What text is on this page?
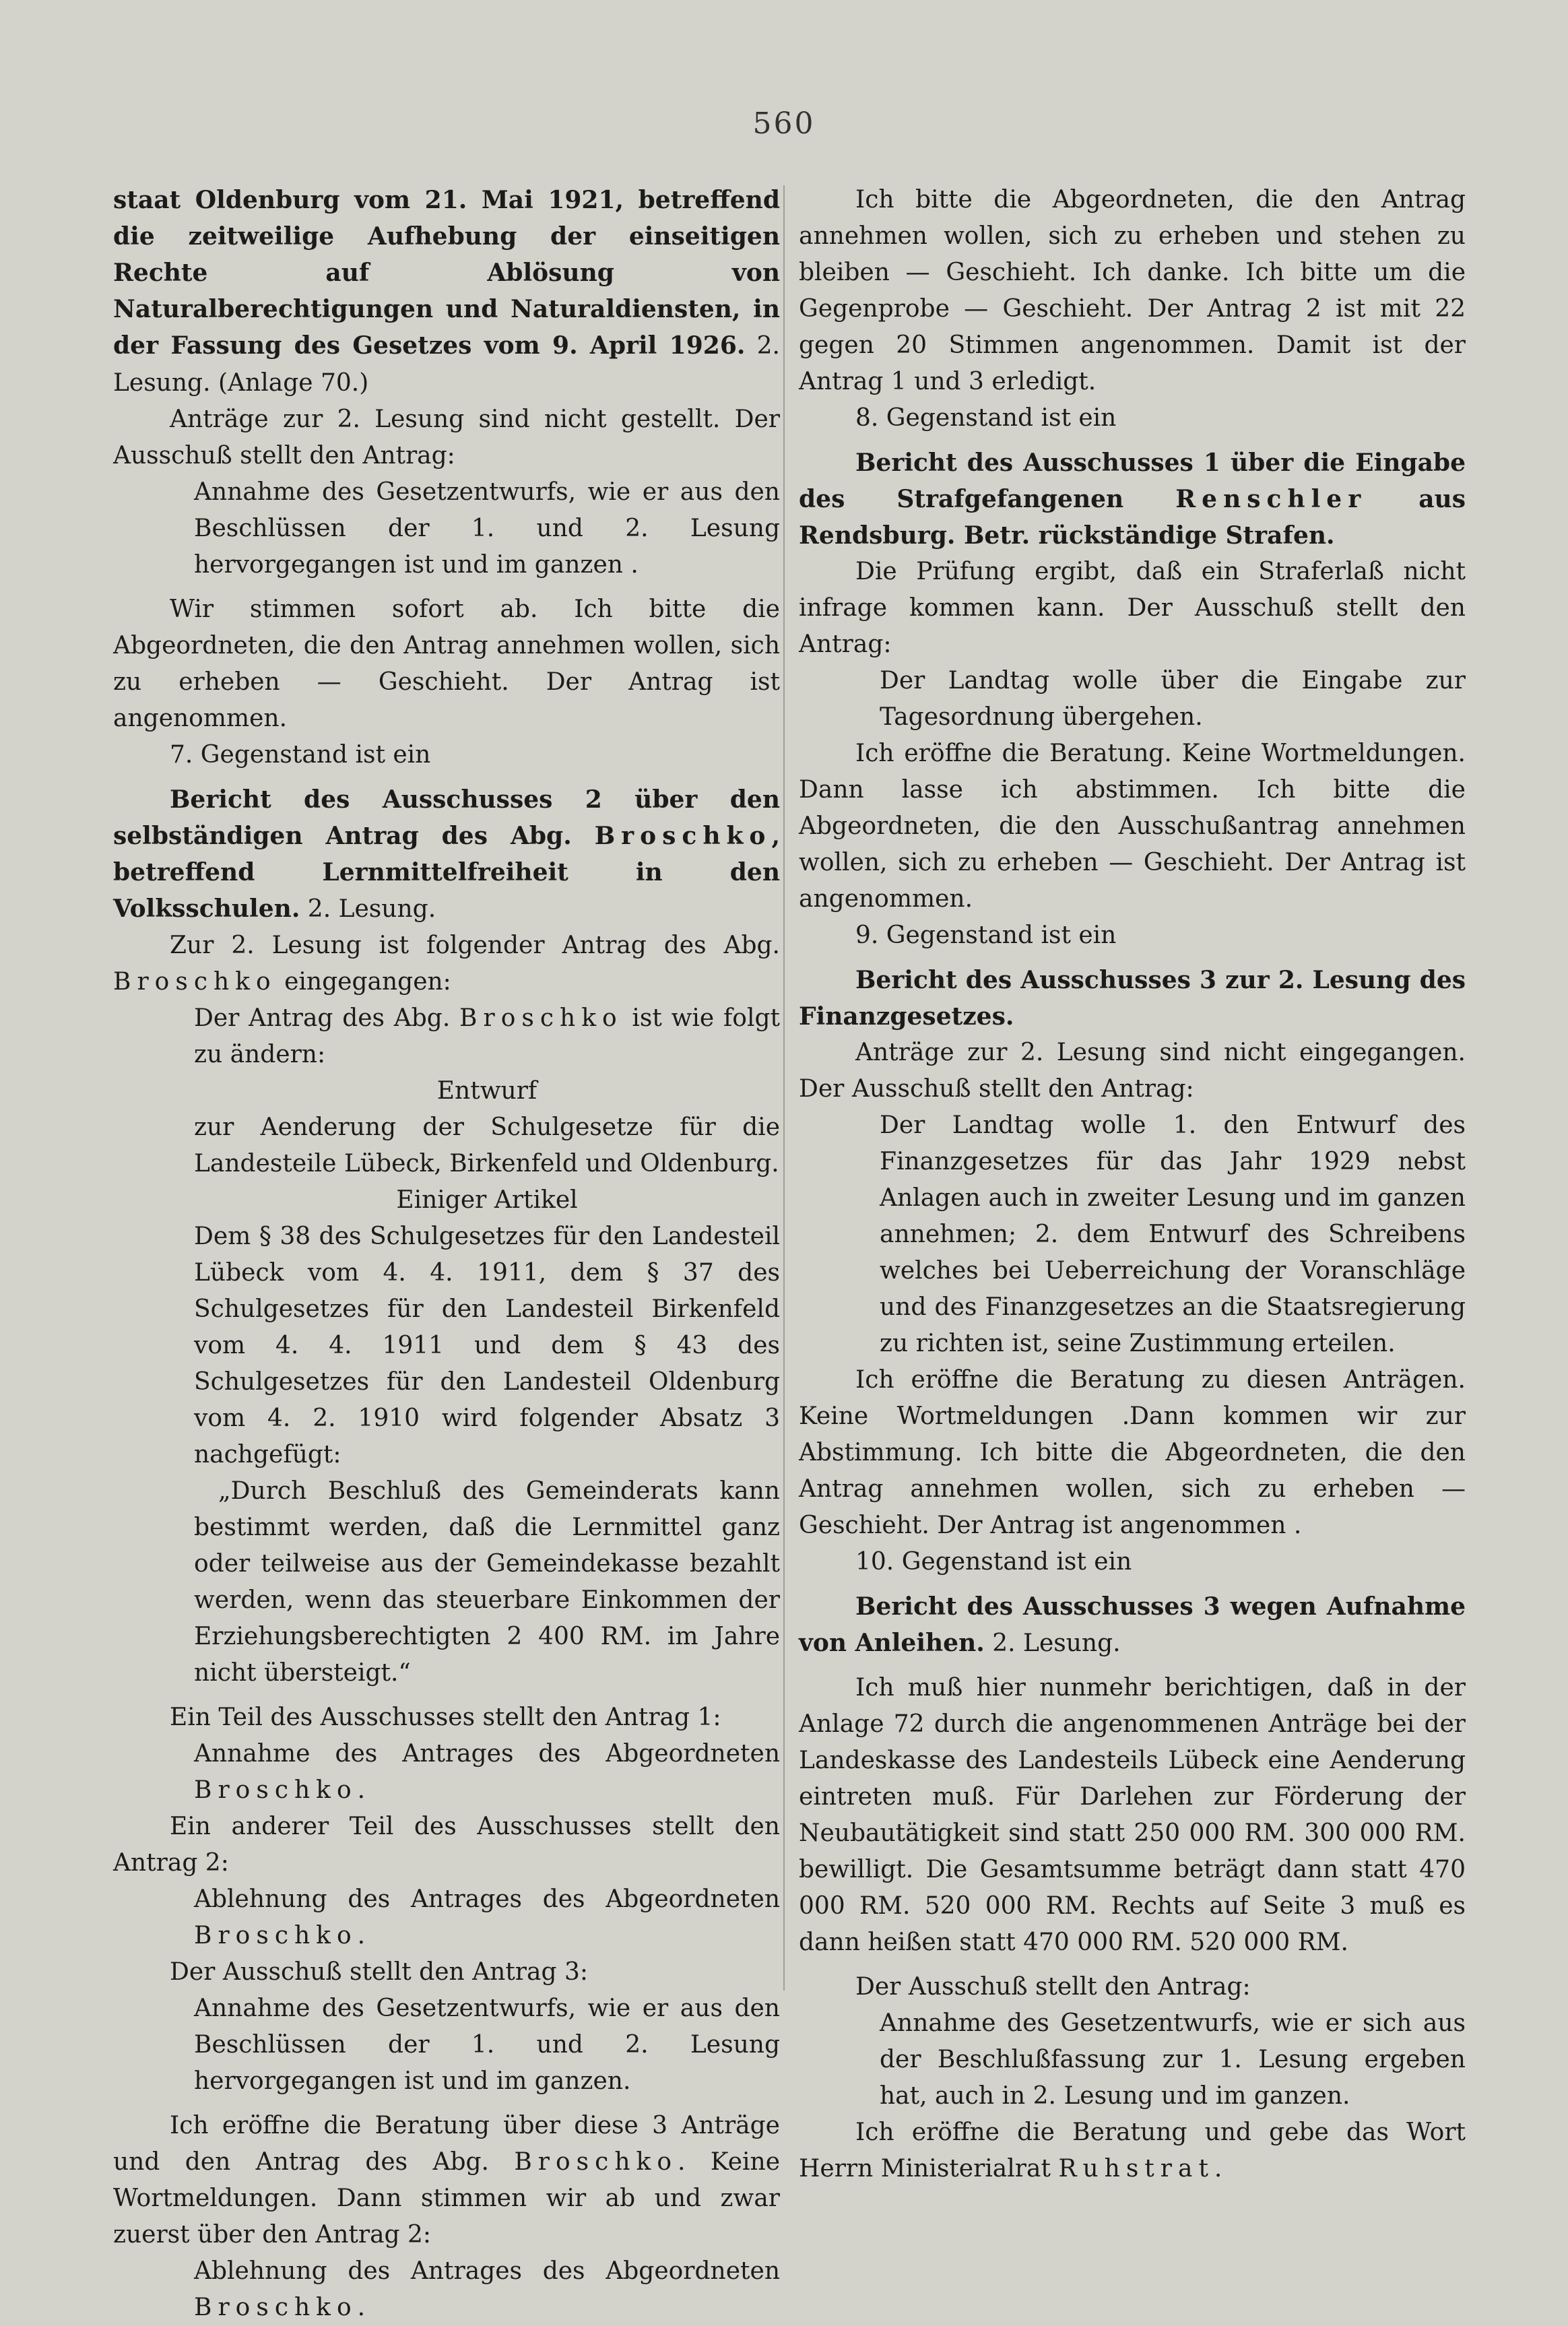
560

staat Oldenburg vom 21. Mai 1921, betreffend die zeitweilige Aufhebung der einseitigen Rechte auf Ablösung von Naturalberechtigungen und Naturaldiensten, in der Fassung des Gesetzes vom 9. April 1926. 2. Lesung. (Anlage 70.)

Anträge zur 2. Lesung sind nicht gestellt. Der Ausschuß stellt den Antrag:

Annahme des Gesetzentwurfs, wie er aus den Beschlüssen der 1. und 2. Lesung hervorgegangen ist und im ganzen .

Wir stimmen sofort ab. Ich bitte die Abgeordneten, die den Antrag annehmen wollen, sich zu erheben — Geschieht. Der Antrag ist angenommen.

7. Gegenstand ist ein

Bericht des Ausschusses 2 über den selbständigen Antrag des Abg. Broschko, betreffend Lernmittelfreiheit in den Volksschulen. 2. Lesung.

Zur 2. Lesung ist folgender Antrag des Abg. Broschko eingegangen:

Der Antrag des Abg. Broschko ist wie folgt zu ändern:

Entwurf

zur Aenderung der Schulgesetze für die Landesteile Lübeck, Birkenfeld und Oldenburg.

Einiger Artikel

Dem § 38 des Schulgesetzes für den Landesteil Lübeck vom 4. 4. 1911, dem § 37 des Schulgesetzes für den Landesteil Birkenfeld vom 4. 4. 1911 und dem § 43 des Schulgesetzes für den Landesteil Oldenburg vom 4. 2. 1910 wird folgender Absatz 3 nachgefügt:

„Durch Beschluß des Gemeinderats kann bestimmt werden, daß die Lernmittel ganz oder teilweise aus der Gemeindekasse bezahlt werden, wenn das steuerbare Einkommen der Erziehungsberechtigten 2 400 RM. im Jahre nicht übersteigt.“

Ein Teil des Ausschusses stellt den Antrag 1:

Annahme des Antrages des Abgeordneten Broschko.

Ein anderer Teil des Ausschusses stellt den Antrag 2:

Ablehnung des Antrages des Abgeordneten Broschko.

Der Ausschuß stellt den Antrag 3:

Annahme des Gesetzentwurfs, wie er aus den Beschlüssen der 1. und 2. Lesung hervorgegangen ist und im ganzen.

Ich eröffne die Beratung über diese 3 Anträge und den Antrag des Abg. Broschko. Keine Wortmeldungen. Dann stimmen wir ab und zwar zuerst über den Antrag 2:

Ablehnung des Antrages des Abgeordneten Broschko.

Ich bitte die Abgeordneten, die den Antrag annehmen wollen, sich zu erheben und stehen zu bleiben — Geschieht. Ich danke. Ich bitte um die Gegenprobe — Geschieht. Der Antrag 2 ist mit 22 gegen 20 Stimmen angenommen. Damit ist der Antrag 1 und 3 erledigt.

8. Gegenstand ist ein

Bericht des Ausschusses 1 über die Eingabe des Strafgefangenen Renschler aus Rendsburg. Betr. rückständige Strafen.

Die Prüfung ergibt, daß ein Straferlaß nicht infrage kommen kann. Der Ausschuß stellt den Antrag:

Der Landtag wolle über die Eingabe zur Tagesordnung übergehen.

Ich eröffne die Beratung. Keine Wortmeldungen. Dann lasse ich abstimmen. Ich bitte die Abgeordneten, die den Ausschußantrag annehmen wollen, sich zu erheben — Geschieht. Der Antrag ist angenommen.

9. Gegenstand ist ein

Bericht des Ausschusses 3 zur 2. Lesung des Finanzgesetzes.

Anträge zur 2. Lesung sind nicht eingegangen. Der Ausschuß stellt den Antrag:

Der Landtag wolle 1. den Entwurf des Finanzgesetzes für das Jahr 1929 nebst Anlagen auch in zweiter Lesung und im ganzen annehmen; 2. dem Entwurf des Schreibens welches bei Ueberreichung der Voranschläge und des Finanzgesetzes an die Staatsregierung zu richten ist, seine Zustimmung erteilen.

Ich eröffne die Beratung zu diesen Anträgen. Keine Wortmeldungen .Dann kommen wir zur Abstimmung. Ich bitte die Abgeordneten, die den Antrag annehmen wollen, sich zu erheben — Geschieht. Der Antrag ist angenommen .

10. Gegenstand ist ein

Bericht des Ausschusses 3 wegen Aufnahme von Anleihen. 2. Lesung.

Ich muß hier nunmehr berichtigen, daß in der Anlage 72 durch die angenommenen Anträge bei der Landeskasse des Landesteils Lübeck eine Aenderung eintreten muß. Für Darlehen zur Förderung der Neubautätigkeit sind statt 250 000 RM. 300 000 RM. bewilligt. Die Gesamtsumme beträgt dann statt 470 000 RM. 520 000 RM. Rechts auf Seite 3 muß es dann heißen statt 470 000 RM. 520 000 RM.

Der Ausschuß stellt den Antrag:

Annahme des Gesetzentwurfs, wie er sich aus der Beschlußfassung zur 1. Lesung ergeben hat, auch in 2. Lesung und im ganzen.

Ich eröffne die Beratung und gebe das Wort Herrn Ministerialrat Ruhstrat.
